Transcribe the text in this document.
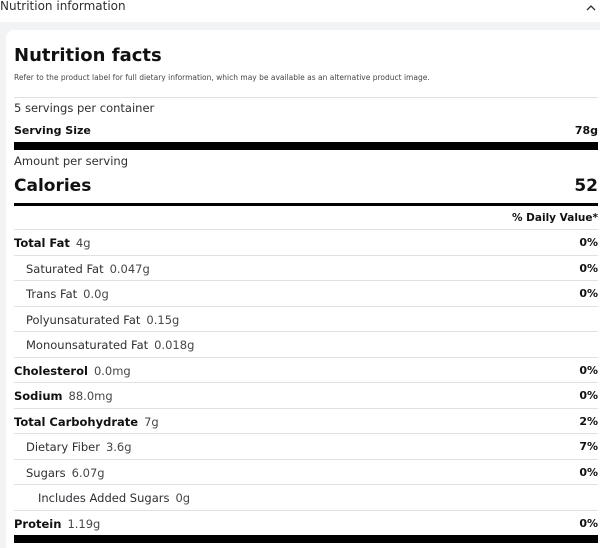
Nutrition information
Nutrition facts
Refer to the product label for full dietary information, which may be available as an alternative product image.
5 servings per container
Serving Size	78g
Amount per serving
Calories	52
% Daily Value*
Total Fat 4g	0%
Saturated Fat 0.047g	0%
Trans Fat 0.0g	0%
Polyunsaturated Fat 0.15g
Monounsaturated Fat 0.018g
Cholesterol 0.0mg	0%
Sodium 88.0mg	0%
Total Carbohydrate 7g	2%
Dietary Fiber 3.6g	7%
Sugars 6.07g	0%
Includes Added Sugars 0g
Protein 1.19g	0%
